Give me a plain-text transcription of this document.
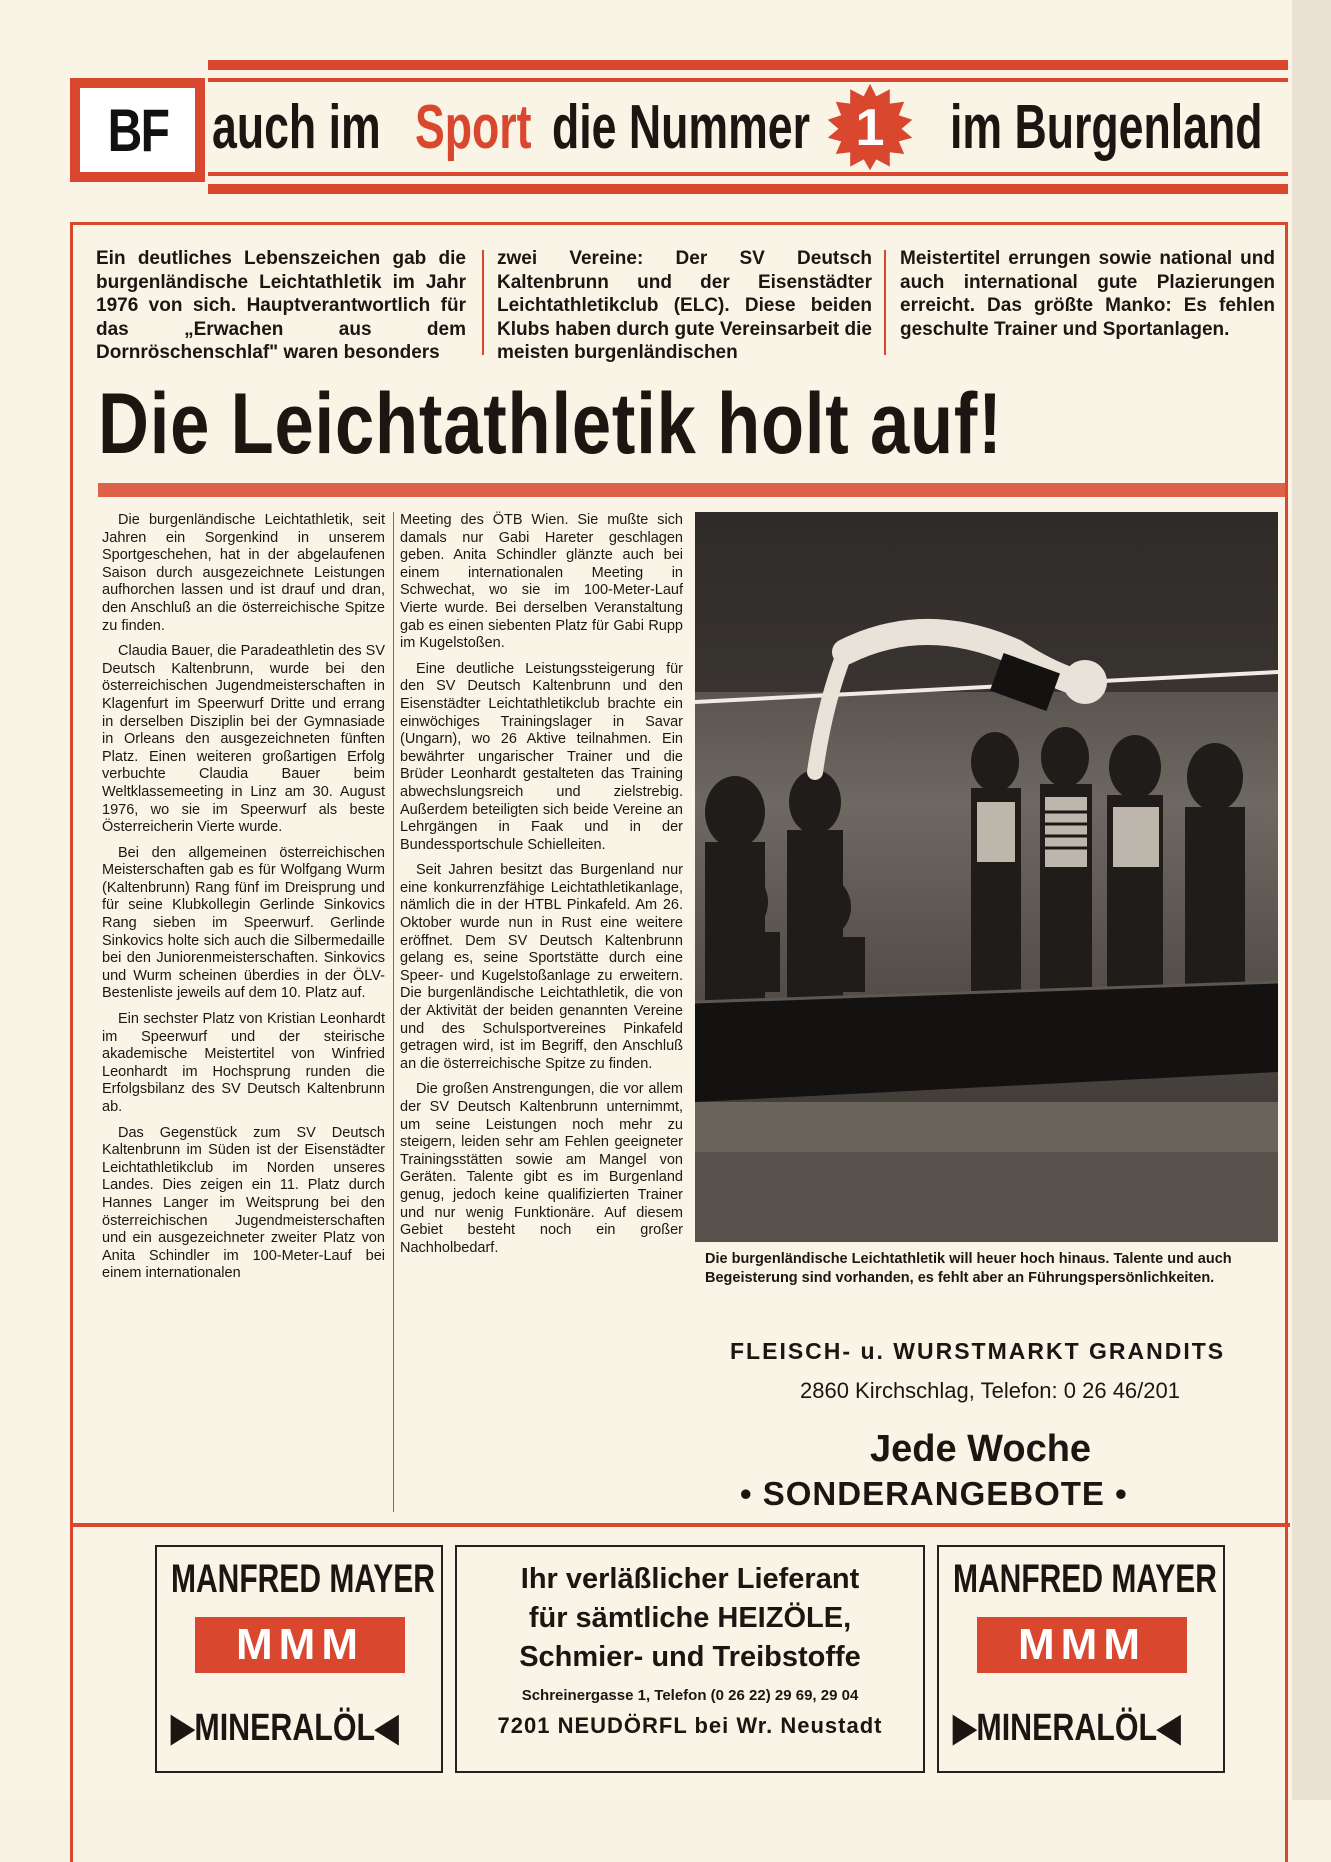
BF auch im Sport die Nummer 1 im Burgenland
Ein deutliches Lebenszeichen gab die burgenländische Leichtathletik im Jahr 1976 von sich. Hauptverantwortlich für das „Erwachen aus dem Dornröschenschlaf" waren besonders
zwei Vereine: Der SV Deutsch Kaltenbrunn und der Eisenstädter Leichtathletikclub (ELC). Diese beiden Klubs haben durch gute Vereinsarbeit die meisten burgenländischen
Meistertitel errungen sowie national und auch international gute Plazierungen erreicht. Das größte Manko: Es fehlen geschulte Trainer und Sportanlagen.
Die Leichtathletik holt auf!

Die burgenländische Leichtathletik, seit Jahren ein Sorgenkind in unserem Sportgeschehen, hat in der abgelaufenen Saison durch ausgezeichnete Leistungen aufhorchen lassen und ist drauf und dran, den Anschluß an die österreichische Spitze zu finden.

Claudia Bauer, die Paradeathletin des SV Deutsch Kaltenbrunn, wurde bei den österreichischen Jugendmeisterschaften in Klagenfurt im Speerwurf Dritte und errang in derselben Disziplin bei der Gymnasiade in Orleans den ausgezeichneten fünften Platz. Einen weiteren großartigen Erfolg verbuchte Claudia Bauer beim Weltklassemeeting in Linz am 30. August 1976, wo sie im Speerwurf als beste Österreicherin Vierte wurde.

Bei den allgemeinen österreichischen Meisterschaften gab es für Wolfgang Wurm (Kaltenbrunn) Rang fünf im Dreisprung und für seine Klubkollegin Gerlinde Sinkovics Rang sieben im Speerwurf. Gerlinde Sinkovics holte sich auch die Silbermedaille bei den Juniorenmeisterschaften. Sinkovics und Wurm scheinen überdies in der ÖLV-Bestenliste jeweils auf dem 10. Platz auf.

Ein sechster Platz von Kristian Leonhardt im Speerwurf und der steirische akademische Meistertitel von Winfried Leonhardt im Hochsprung runden die Erfolgsbilanz des SV Deutsch Kaltenbrunn ab.

Das Gegenstück zum SV Deutsch Kaltenbrunn im Süden ist der Eisenstädter Leichtathletikclub im Norden unseres Landes. Dies zeigen ein 11. Platz durch Hannes Langer im Weitsprung bei den österreichischen Jugendmeisterschaften und ein ausgezeichneter zweiter Platz von Anita Schindler im 100-Meter-Lauf bei einem internationalen

Meeting des ÖTB Wien. Sie mußte sich damals nur Gabi Hareter geschlagen geben. Anita Schindler glänzte auch bei einem internationalen Meeting in Schwechat, wo sie im 100-Meter-Lauf Vierte wurde. Bei derselben Veranstaltung gab es einen siebenten Platz für Gabi Rupp im Kugelstoßen.

Eine deutliche Leistungssteigerung für den SV Deutsch Kaltenbrunn und den Eisenstädter Leichtathletikclub brachte ein einwöchiges Trainingslager in Savar (Ungarn), wo 26 Aktive teilnahmen. Ein bewährter ungarischer Trainer und die Brüder Leonhardt gestalteten das Training abwechslungsreich und zielstrebig. Außerdem beteiligten sich beide Vereine an Lehrgängen in Faak und in der Bundessportschule Schielleiten.

Seit Jahren besitzt das Burgenland nur eine konkurrenzfähige Leichtathletikanlage, nämlich die in der HTBL Pinkafeld. Am 26. Oktober wurde nun in Rust eine weitere eröffnet. Dem SV Deutsch Kaltenbrunn gelang es, seine Sportstätte durch eine Speer- und Kugelstoßanlage zu erweitern. Die burgenländische Leichtathletik, die von der Aktivität der beiden genannten Vereine und des Schulsportvereines Pinkafeld getragen wird, ist im Begriff, den Anschluß an die österreichische Spitze zu finden.

Die großen Anstrengungen, die vor allem der SV Deutsch Kaltenbrunn unternimmt, um seine Leistungen noch mehr zu steigern, leiden sehr am Fehlen geeigneter Trainingsstätten sowie am Mangel von Geräten. Talente gibt es im Burgenland genug, jedoch keine qualifizierten Trainer und nur wenig Funktionäre. Auf diesem Gebiet besteht noch ein großer Nachholbedarf.

Die burgenländische Leichtathletik will heuer hoch hinaus. Talente und auch Begeisterung sind vorhanden, es fehlt aber an Führungspersönlichkeiten.
FLEISCH- u. WURSTMARKT GRANDITS
2860 Kirchschlag, Telefon: 0 26 46/201
Jede Woche
• SONDERANGEBOTE •
MANFRED MAYER
MMM
▶MINERALÖL◀
Ihr verläßlicher Lieferant
für sämtliche HEIZÖLE,
Schmier- und Treibstoffe
Schreinergasse 1, Telefon (0 26 22) 29 69, 29 04
7201 NEUDÖRFL bei Wr. Neustadt
MANFRED MAYER
MMM
▶MINERALÖL◀
